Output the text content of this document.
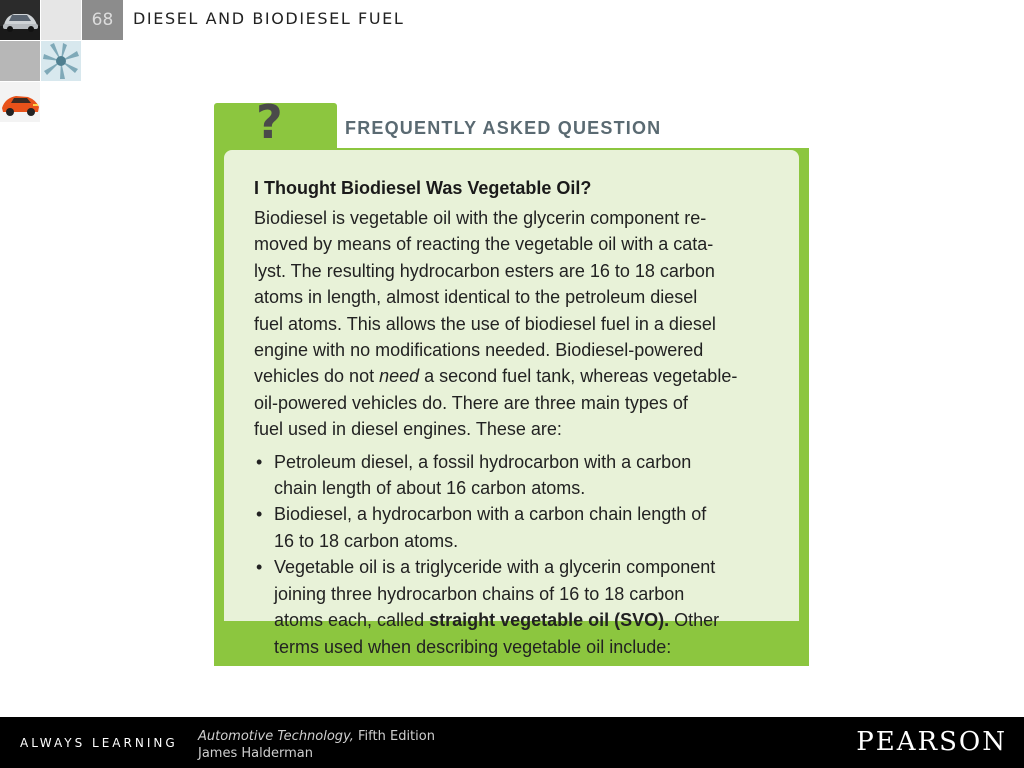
68	DIESEL AND BIODIESEL FUEL
?	FREQUENTLY ASKED QUESTION
I Thought Biodiesel Was Vegetable Oil?

Biodiesel is vegetable oil with the glycerin component re-
moved by means of reacting the vegetable oil with a cata-
lyst. The resulting hydrocarbon esters are 16 to 18 carbon
atoms in length, almost identical to the petroleum diesel
fuel atoms. This allows the use of biodiesel fuel in a diesel
engine with no modifications needed. Biodiesel-powered
vehicles do not need a second fuel tank, whereas vegetable-
oil-powered vehicles do. There are three main types of
fuel used in diesel engines. These are:

• Petroleum diesel, a fossil hydrocarbon with a carbon
chain length of about 16 carbon atoms.
• Biodiesel, a hydrocarbon with a carbon chain length of
16 to 18 carbon atoms.
• Vegetable oil is a triglyceride with a glycerin component
joining three hydrocarbon chains of 16 to 18 carbon
atoms each, called straight vegetable oil (SVO). Other
terms used when describing vegetable oil include:
ALWAYS LEARNING Automotive Technology, Fifth Edition
James Halderman	PEARSON
